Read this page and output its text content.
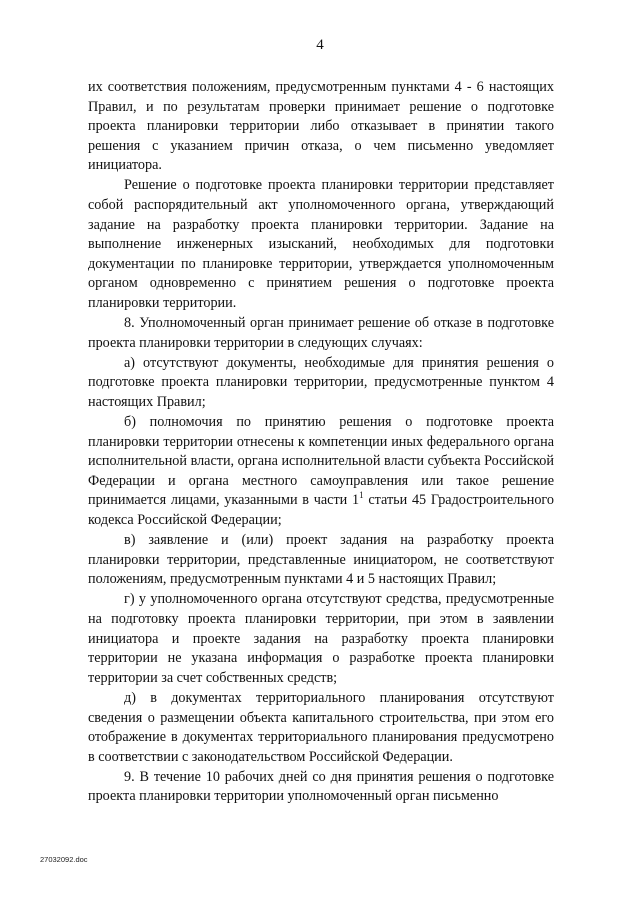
4

их соответствия положениям, предусмотренным пунктами 4 - 6 настоящих Правил, и по результатам проверки принимает решение о подготовке проекта планировки территории либо отказывает в принятии такого решения с указанием причин отказа, о чем письменно уведомляет инициатора.

Решение о подготовке проекта планировки территории представляет собой распорядительный акт уполномоченного органа, утверждающий задание на разработку проекта планировки территории. Задание на выполнение инженерных изысканий, необходимых для подготовки документации по планировке территории, утверждается уполномоченным органом одновременно с принятием решения о подготовке проекта планировки территории.

8. Уполномоченный орган принимает решение об отказе в подготовке проекта планировки территории в следующих случаях:

а) отсутствуют документы, необходимые для принятия решения о подготовке проекта планировки территории, предусмотренные пунктом 4 настоящих Правил;

б) полномочия по принятию решения о подготовке проекта планировки территории отнесены к компетенции иных федерального органа исполнительной власти, органа исполнительной власти субъекта Российской Федерации и органа местного самоуправления или такое решение принимается лицами, указанными в части $1^1$ статьи 45 Градостроительного кодекса Российской Федерации;

в) заявление и (или) проект задания на разработку проекта планировки территории, представленные инициатором, не соответствуют положениям, предусмотренным пунктами 4 и 5 настоящих Правил;

г) у уполномоченного органа отсутствуют средства, предусмотренные на подготовку проекта планировки территории, при этом в заявлении инициатора и проекте задания на разработку проекта планировки территории не указана информация о разработке проекта планировки территории за счет собственных средств;

д) в документах территориального планирования отсутствуют сведения о размещении объекта капитального строительства, при этом его отображение в документах территориального планирования предусмотрено в соответствии с законодательством Российской Федерации.

9. В течение 10 рабочих дней со дня принятия решения о подготовке проекта планировки территории уполномоченный орган письменно

27032092.doc
